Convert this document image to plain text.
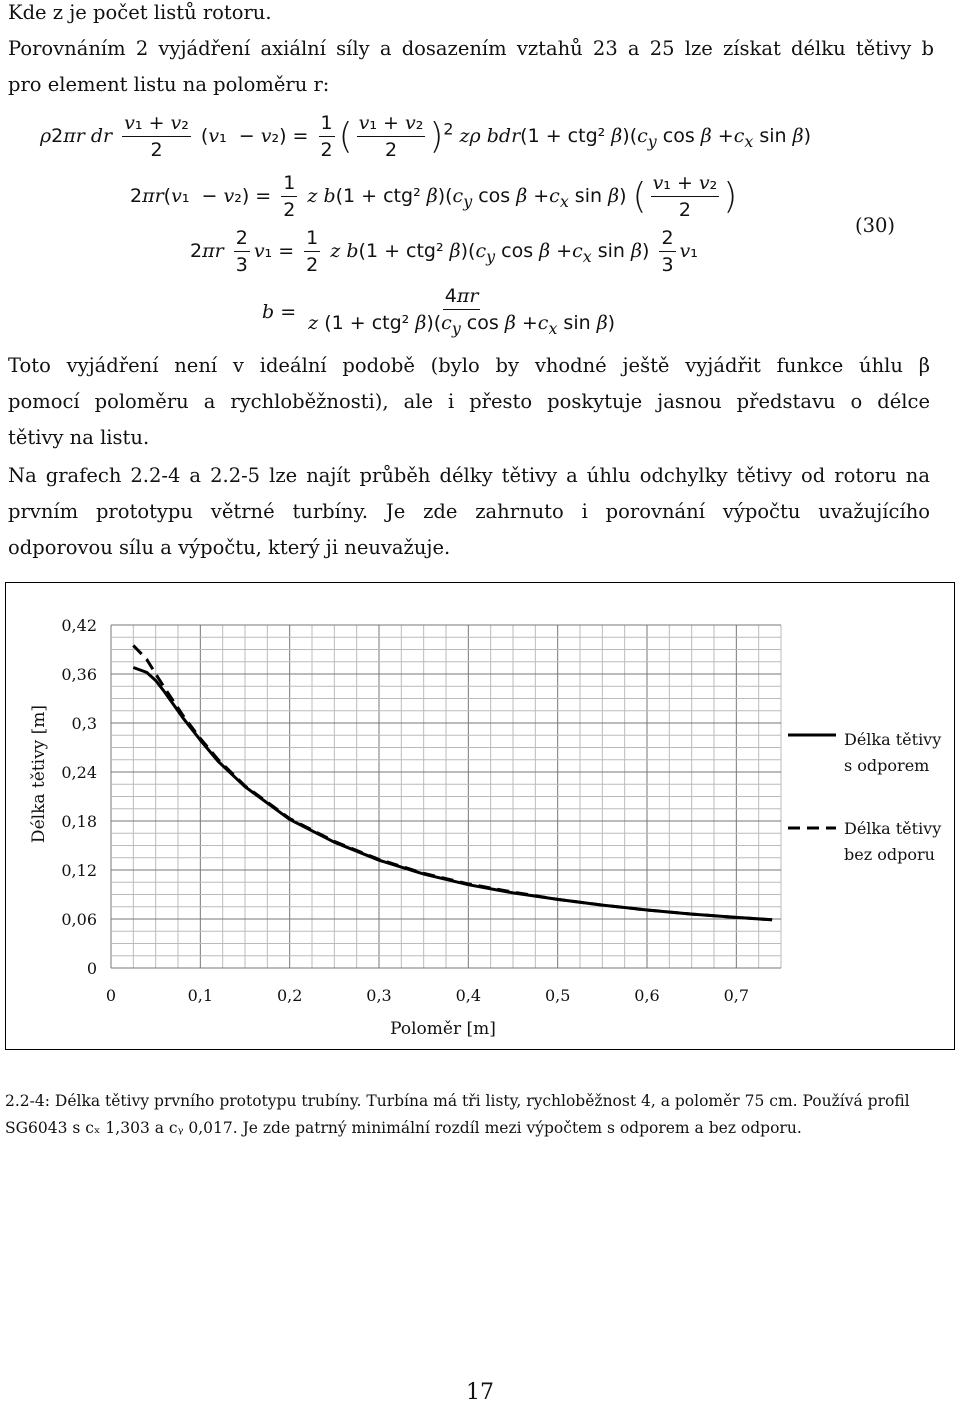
Kde z je počet listů rotoru.

Porovnáním 2 vyjádření axiální síly a dosazením vztahů 23 a 25 lze získat délku tětivy b

pro element listu na poloměru r:

ρ2πr dr $\frac{\text{v₁ + v₂}}{2} (v_1 - v_2) = \frac{1}{2}$ ( $\frac{\text{v₁ + v₂}}{2} )^2$ zρ bdr(1 + ctg² $\beta)(c_y$ $\cos \beta +c_x$ sin β)
$2\pi r(v_1 - v_2) = \frac{1}{2}$ z b(1 + ctg² $\beta)(c_y$ $\cos \beta +c_x$ sin β) ( $\frac{\text{v₁ + v₂}}{2}$ )
$2\pi r \frac{2}{3} v_1 = \frac{1}{2}$ z b(1 + ctg² $\beta)(c_y$ $\cos \beta +c_x$ $\sin \beta) \frac{2}{3} v_1$
$b = \frac{4\pi r}{z (1 + ctg^2 \beta)(c_y \cos \beta +c_x \sin \beta)}$
(30)

Toto vyjádření není v ideální podobě (bylo by vhodné ještě vyjádřit funkce úhlu β

pomocí poloměru a rychloběžnosti), ale i přesto poskytuje jasnou představu o délce

tětivy na listu.

Na grafech 2.2-4 a 2.2-5 lze najít průběh délky tětivy a úhlu odchylky tětivy od rotoru na

prvním prototypu větrné turbíny. Je zde zahrnuto i porovnání výpočtu uvažujícího

odporovou sílu a výpočtu, který ji neuvažuje.

0
0,06
0,12
0,18
0,24
0,3
0,36
0,42
0	0,1	0,2	0,3	0,4	0,5	0,6	0,7
Délka tětivy [m]
Poloměr [m]
Délka tětivy
s odporem
Délka tětivy
bez odporu
2.2-4: Délka tětivy prvního prototypu trubíny. Turbína má tři listy, rychloběžnost 4, a poloměr 75 cm. Používá profil
SG6043 s cₓ 1,303 a cᵧ 0,017. Je zde patrný minimální rozdíl mezi výpočtem s odporem a bez odporu.
17
